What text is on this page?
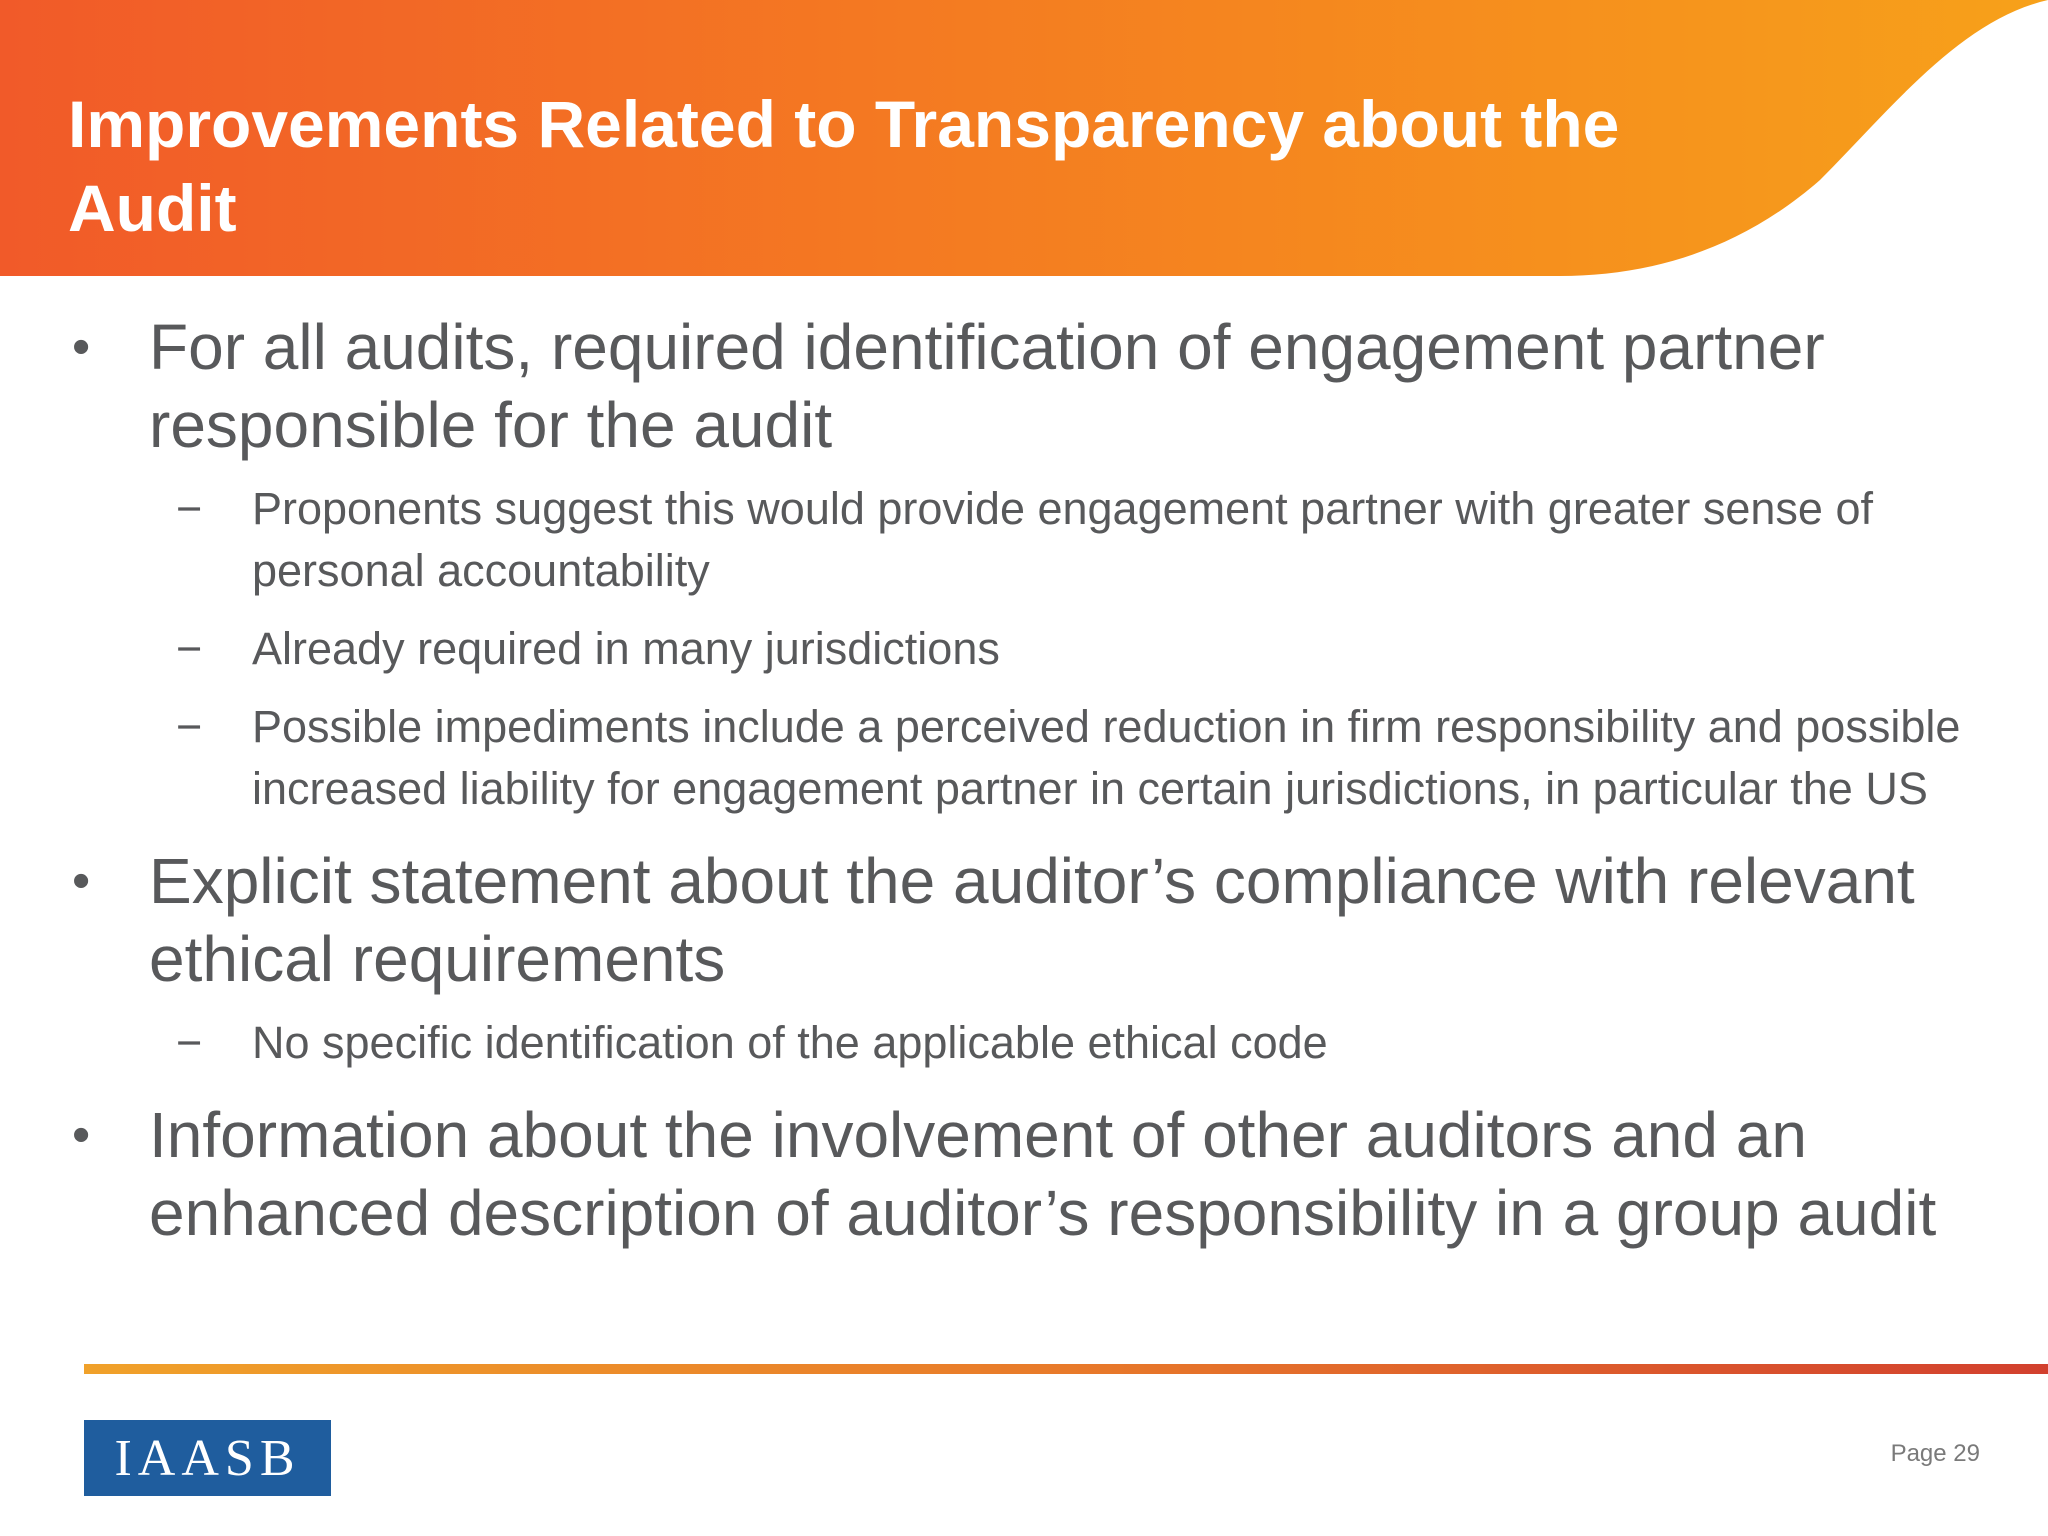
Improvements Related to Transparency about the Audit
• For all audits, required identification of engagement partner responsible for the audit
− Proponents suggest this would provide engagement partner with greater sense of personal accountability
− Already required in many jurisdictions
− Possible impediments include a perceived reduction in firm responsibility and possible increased liability for engagement partner in certain jurisdictions, in particular the US
• Explicit statement about the auditor’s compliance with relevant ethical requirements
− No specific identification of the applicable ethical code
• Information about the involvement of other auditors and an enhanced description of auditor’s responsibility in a group audit
IAASB	Page 29
